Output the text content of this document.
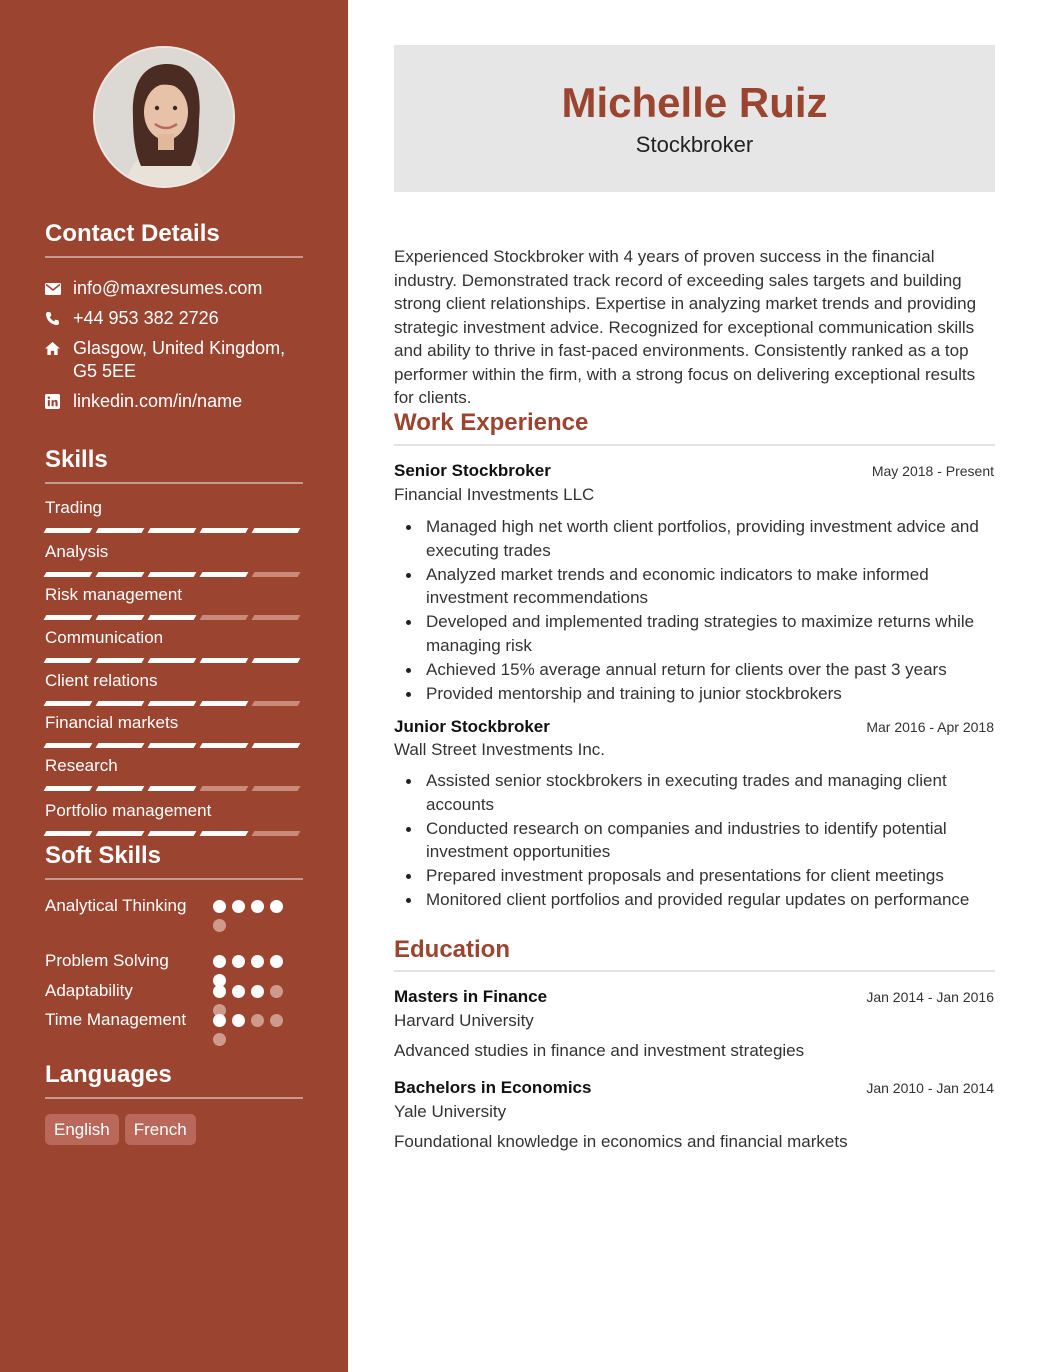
Contact Details
info@maxresumes.com
+44 953 382 2726
Glasgow, United Kingdom, G5 5EE
linkedin.com/in/name
Skills
Trading
Analysis
Risk management
Communication
Client relations
Financial markets
Research
Portfolio management
Soft Skills
Analytical Thinking
Problem Solving
Adaptability
Time Management
Languages
English	French
Michelle Ruiz
Stockbroker

Experienced Stockbroker with 4 years of proven success in the financial industry. Demonstrated track record of exceeding sales targets and building strong client relationships. Expertise in analyzing market trends and providing strategic investment advice. Recognized for exceptional communication skills and ability to thrive in fast-paced environments. Consistently ranked as a top performer within the firm, with a strong focus on delivering exceptional results for clients.

Work Experience
Senior Stockbroker	May 2018 - Present
Financial Investments LLC
Managed high net worth client portfolios, providing investment advice and executing trades
Analyzed market trends and economic indicators to make informed investment recommendations
Developed and implemented trading strategies to maximize returns while managing risk
Achieved 15% average annual return for clients over the past 3 years
Provided mentorship and training to junior stockbrokers
Junior Stockbroker	Mar 2016 - Apr 2018
Wall Street Investments Inc.
Assisted senior stockbrokers in executing trades and managing client accounts
Conducted research on companies and industries to identify potential investment opportunities
Prepared investment proposals and presentations for client meetings
Monitored client portfolios and provided regular updates on performance
Education
Masters in Finance	Jan 2014 - Jan 2016
Harvard University
Advanced studies in finance and investment strategies
Bachelors in Economics	Jan 2010 - Jan 2014
Yale University
Foundational knowledge in economics and financial markets
